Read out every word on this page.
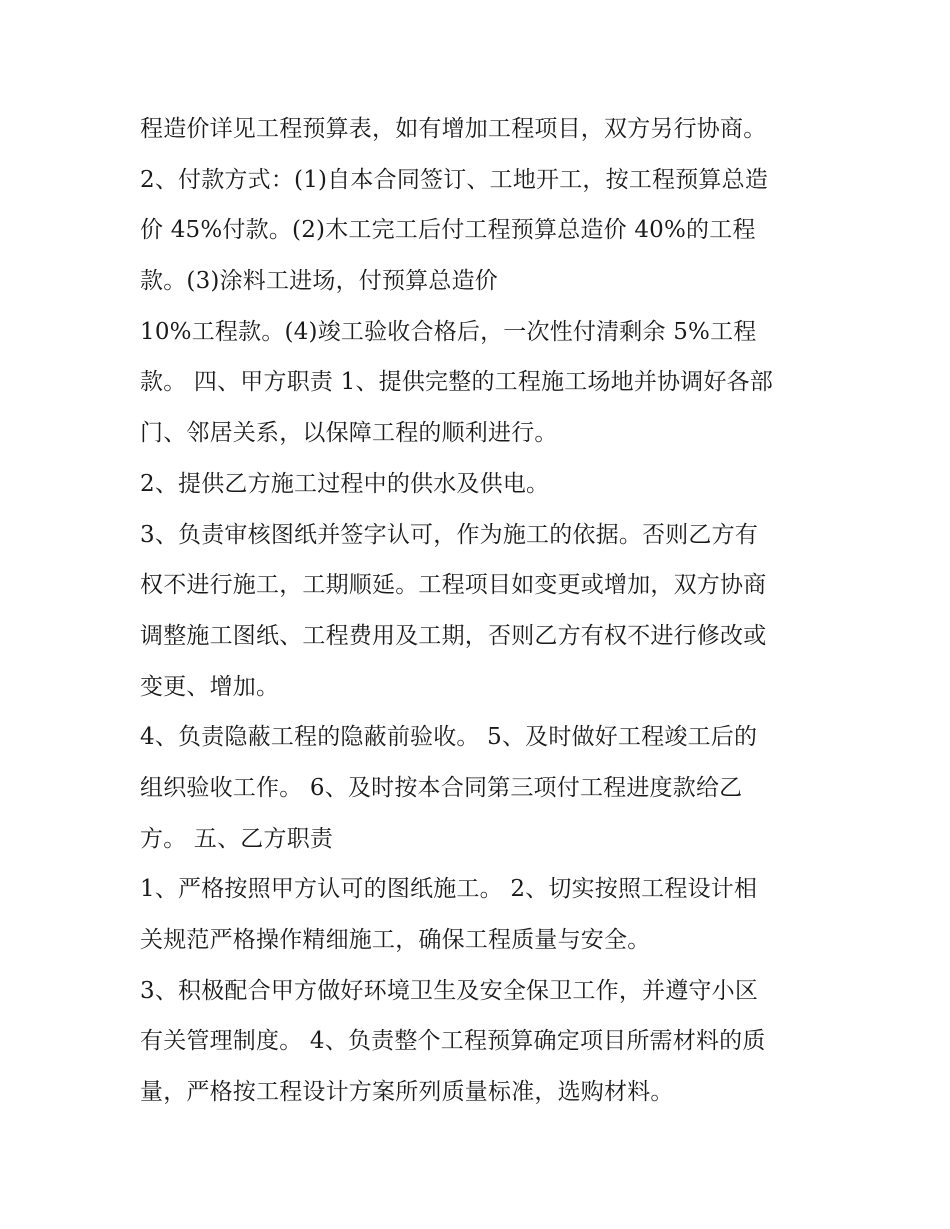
程造价详见工程预算表，如有增加工程项目，双方另行协商。
2、付款方式：(1)自本合同签订、工地开工，按工程预算总造
价 45%付款。(2)木工完工后付工程预算总造价 40%的工程
款。(3)涂料工进场，付预算总造价
10%工程款。(4)竣工验收合格后，一次性付清剩余 5%工程
款。 四、甲方职责 1、提供完整的工程施工场地并协调好各部
门、邻居关系，以保障工程的顺利进行。
2、提供乙方施工过程中的供水及供电。
3、负责审核图纸并签字认可，作为施工的依据。否则乙方有
权不进行施工，工期顺延。工程项目如变更或增加，双方协商
调整施工图纸、工程费用及工期，否则乙方有权不进行修改或
变更、增加。
4、负责隐蔽工程的隐蔽前验收。 5、及时做好工程竣工后的
组织验收工作。 6、及时按本合同第三项付工程进度款给乙
方。 五、乙方职责
1、严格按照甲方认可的图纸施工。 2、切实按照工程设计相
关规范严格操作精细施工，确保工程质量与安全。
3、积极配合甲方做好环境卫生及安全保卫工作，并遵守小区
有关管理制度。 4、负责整个工程预算确定项目所需材料的质
量，严格按工程设计方案所列质量标准，选购材料。
